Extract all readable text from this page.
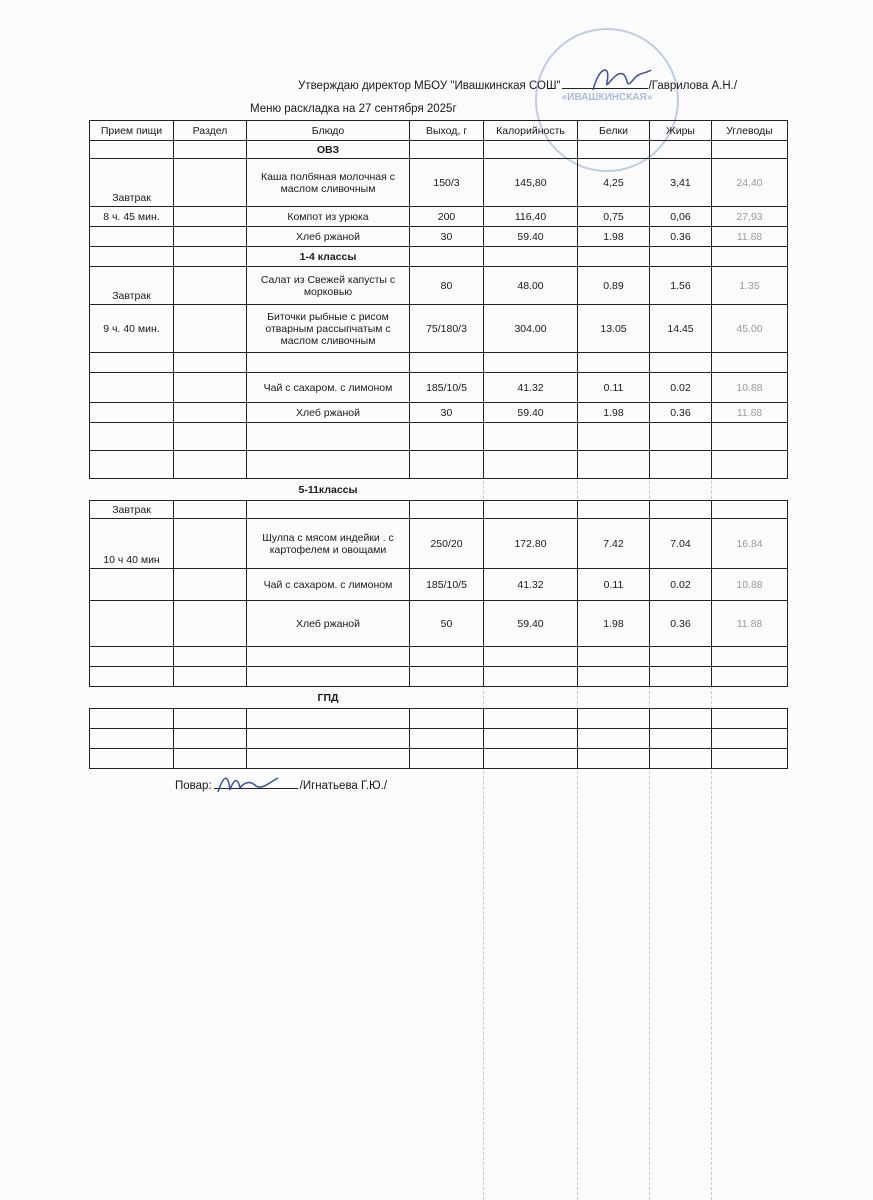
«ИВАШКИНСКАЯ»
Утверждаю директор МБОУ "Ивашкинская СОШ"	/Гаврилова А.Н./
Меню раскладка на 27 сентября 2025г
Прием пищи	Раздел	Блюдо	Выход, г	Калорийность	Белки	Жиры	Углеводы
		ОВЗ					
Завтрак		Каша полбяная молочная с маслом сливочным	150/3	145,80	4,25	3,41	24,40
8 ч. 45 мин.		Компот из урюка	200	116,40	0,75	0,06	27,93
		Хлеб ржаной	30	59.40	1.98	0.36	11.88
		1-4 классы					
Завтрак		Салат из Свежей капусты с морковью	80	48.00	0.89	1.56	1.35
9 ч. 40 мин.		Биточки рыбные с рисом отварным рассыпчатым с маслом сливочным	75/180/3	304.00	13.05	14.45	45.00

		Чай с сахаром. с лимоном	185/10/5	41.32	0.11	0.02	10.88
		Хлеб ржаной	30	59.40	1.98	0.36	11.88

		5-11классы					
Завтрак							
10 ч 40 мин		Шулпа с мясом индейки . с картофелем и овощами	250/20	172.80	7.42	7.04	16.84
		Чай с сахаром. с лимоном	185/10/5	41.32	0.11	0.02	10.88
		Хлеб ржаной	50	59.40	1.98	0.36	11.88

		ГПД					

Повар:	/Игнатьева Г.Ю./
